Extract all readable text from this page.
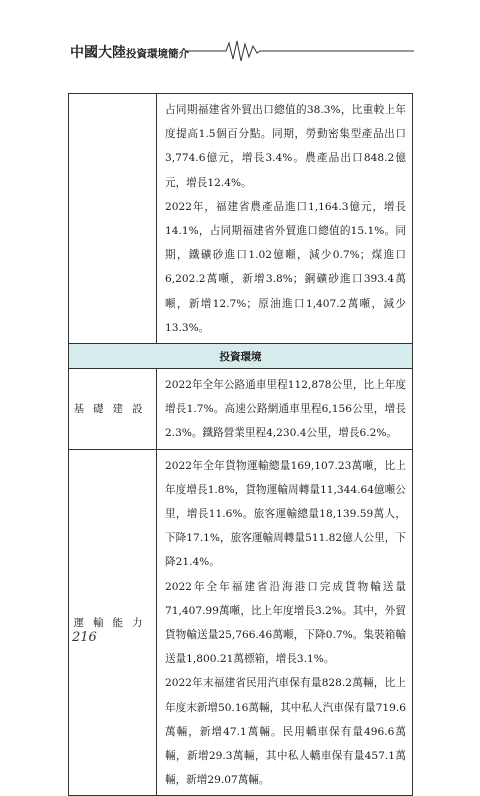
中國大陸投資環境簡介

	占同期福建省外貿出口總值的38.3%，比重較上年度提高1.5個百分點。同期，勞動密集型產品出口3,774.6億元，增長3.4%。農產品出口848.2億元，增長12.4%。

2022年，福建省農產品進口1,164.3億元，增長14.1%，占同期福建省外貿進口總值的15.1%。同期，鐵礦砂進口1.02億噸，減少0.7%；煤進口6,202.2萬噸，新增3.8%；銅礦砂進口393.4萬噸，新增12.7%；原油進口1,407.2萬噸，減少13.3%。

投資環境	
基礎建設	2022年全年公路通車里程112,878公里，比上年度增長1.7%。高速公路網通車里程6,156公里，增長2.3%。鐵路營業里程4,230.4公里，增長6.2%。

運輸能力	2022年全年貨物運輸總量169,107.23萬噸，比上年度增長1.8%，貨物運輸周轉量11,344.64億噸公里，增長11.6%。旅客運輸總量18,139.59萬人，下降17.1%，旅客運輸周轉量511.82億人公里，下降21.4%。

2022年全年福建省沿海港口完成貨物輸送量71,407.99萬噸，比上年度增長3.2%。其中，外貿貨物輸送量25,766.46萬噸，下降0.7%。集裝箱輸送量1,800.21萬標箱，增長3.1%。

2022年末福建省民用汽車保有量828.2萬輛，比上年度末新增50.16萬輛，其中私人汽車保有量719.6萬輛，新增47.1萬輛。民用轎車保有量496.6萬輛，新增29.3萬輛，其中私人轎車保有量457.1萬輛，新增29.07萬輛。

216
